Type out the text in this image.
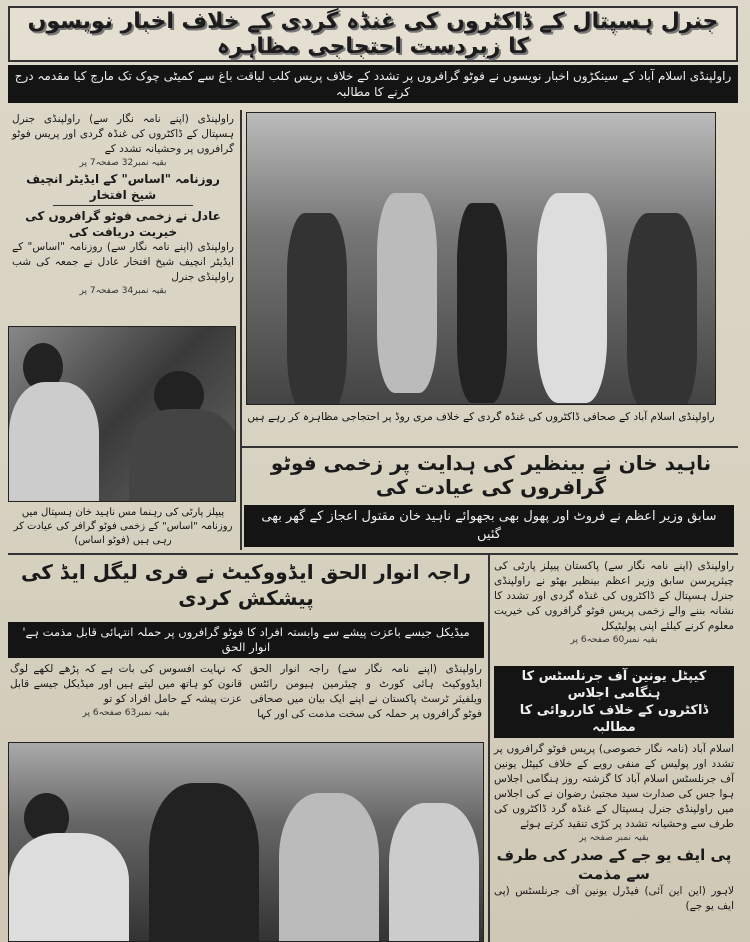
جنرل ہسپتال کے ڈاکٹروں کی غنڈہ گردی کے خلاف اخبار نویسوں کا زبردست احتجاجی مظاہرہ
راولپنڈی اسلام آباد کے سینکڑوں اخبار نویسوں نے فوٹو گرافروں پر تشدد کے خلاف پریس کلب لیاقت باغ سے کمیٹی چوک تک مارچ کیا مقدمہ درج کرنے کا مطالبہ
راولپنڈی (اپنے نامہ نگار سے) راولپنڈی جنرل ہسپتال کے ڈاکٹروں کی غنڈہ گردی اور پریس فوٹو گرافروں پر وحشیانہ تشدد کے
بقیہ نمبر32 صفحہ7 پر
روزنامہ "اساس" کے ایڈیٹر انچیف شیخ افتخار
عادل نے زخمی فوٹو گرافروں کی خیریت دریافت کی
راولپنڈی (اپنے نامہ نگار سے) روزنامہ "اساس" کے ایڈیٹر انچیف شیخ افتخار عادل نے جمعہ کی شب راولپنڈی جنرل
بقیہ نمبر34 صفحہ7 پر
پیپلز پارٹی کی رہنما مس ناہید خان ہسپتال میں روزنامہ "اساس" کے زخمی فوٹو گرافر کی عیادت کر رہی ہیں (فوٹو اساس)
راولپنڈی اسلام آباد کے صحافی ڈاکٹروں کی غنڈہ گردی کے خلاف مری روڈ پر احتجاجی مظاہرہ کر رہے ہیں
ناہید خان نے بینظیر کی ہدایت پر زخمی فوٹو گرافروں کی عیادت کی
سابق وزیر اعظم نے فروٹ اور پھول بھی بجھوائے ناہید خان مقتول اعجاز کے گھر بھی گئیں
راولپنڈی (اپنے نامہ نگار سے) پاکستان پیپلز پارٹی کی چیئرپرسن سابق وزیر اعظم بینظیر بھٹو نے راولپنڈی جنرل ہسپتال کے ڈاکٹروں کی غنڈہ گردی اور تشدد کا نشانہ بننے والے زخمی پریس فوٹو گرافروں کی خیریت معلوم کرنے کیلئے اپنی پولیٹیکل
بقیہ نمبر60 صفحہ6 پر
راجہ انوار الحق ایڈووکیٹ نے فری لیگل ایڈ کی پیشکش کردی
میڈیکل جیسے باعزت پیشے سے وابستہ افراد کا فوٹو گرافروں پر حملہ انتہائی قابل مذمت ہے' انوار الحق
راولپنڈی (اپنے نامہ نگار سے) راجہ انوار الحق ایڈووکیٹ ہائی کورٹ و چیئرمین ہیومن رائٹس ویلفیئر ٹرسٹ پاکستان نے اپنے ایک بیان میں صحافی فوٹو گرافروں پر حملہ کی سخت مذمت کی اور کہا
کہ نہایت افسوس کی بات ہے کہ پڑھے لکھے لوگ قانون کو ہاتھ میں لیتے ہیں اور میڈیکل جیسے قابل عزت پیشہ کے حامل افراد کو تو
بقیہ نمبر63 صفحہ6 پر
کیپٹل یونین آف جرنلسٹس کا ہنگامی اجلاس
ڈاکٹروں کے خلاف کارروائی کا مطالبہ
اسلام آباد (نامہ نگار خصوصی) پریس فوٹو گرافروں پر تشدد اور پولیس کے منفی رویے کے خلاف کیپٹل یونین آف جرنلسٹس اسلام آباد کا گزشتہ روز ہنگامی اجلاس ہوا جس کی صدارت سید مجتبیٰ رضوان نے کی اجلاس میں راولپنڈی جنرل ہسپتال کے غنڈہ گرد ڈاکٹروں کی طرف سے وحشیانہ تشدد پر کڑی تنقید کرتے ہوئے
بقیہ نمبر صفحہ پر
پی ایف یو جے کے صدر کی طرف سے مذمت
لاہور (این این آئی) فیڈرل یونین آف جرنلسٹس (پی ایف یو جے)
